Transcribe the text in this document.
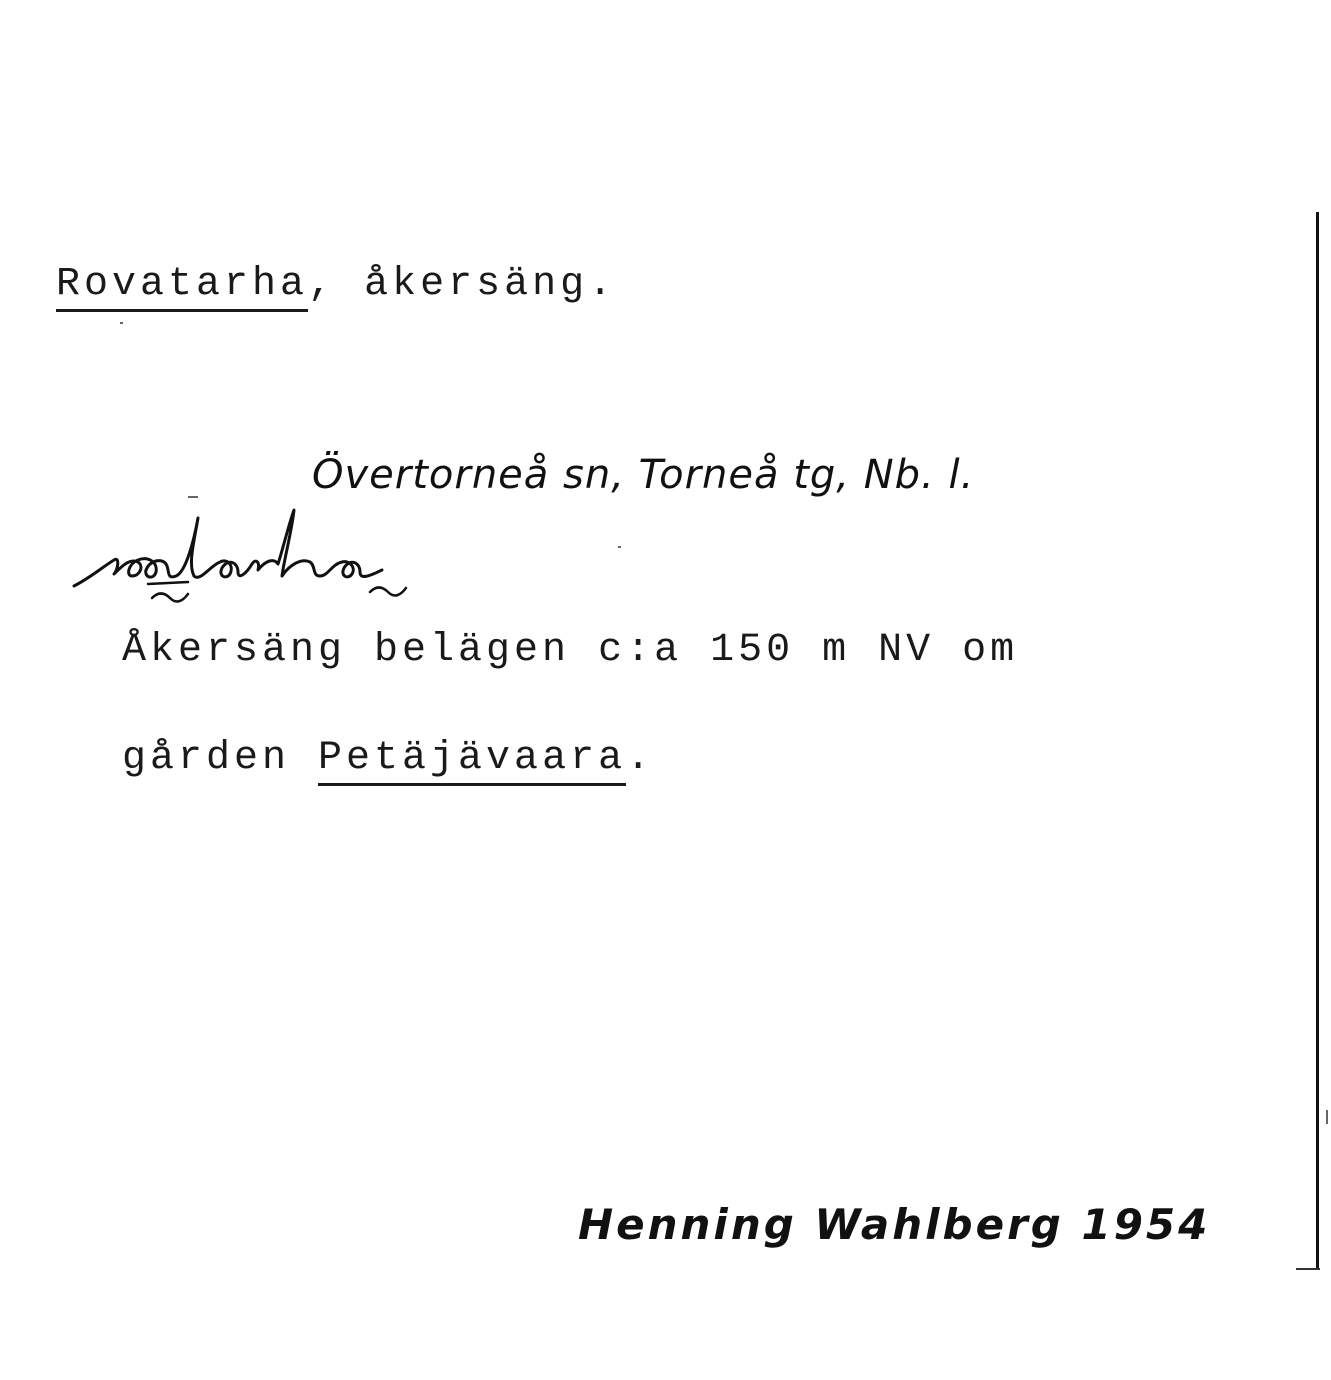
Rovatarha, åkersäng.
Övertorneå sn, Torneå tg, Nb. l.
roatarha
Åkersäng belägen c:a 150 m NV om
gården Petäjävaara.
Henning Wahlberg 1954
